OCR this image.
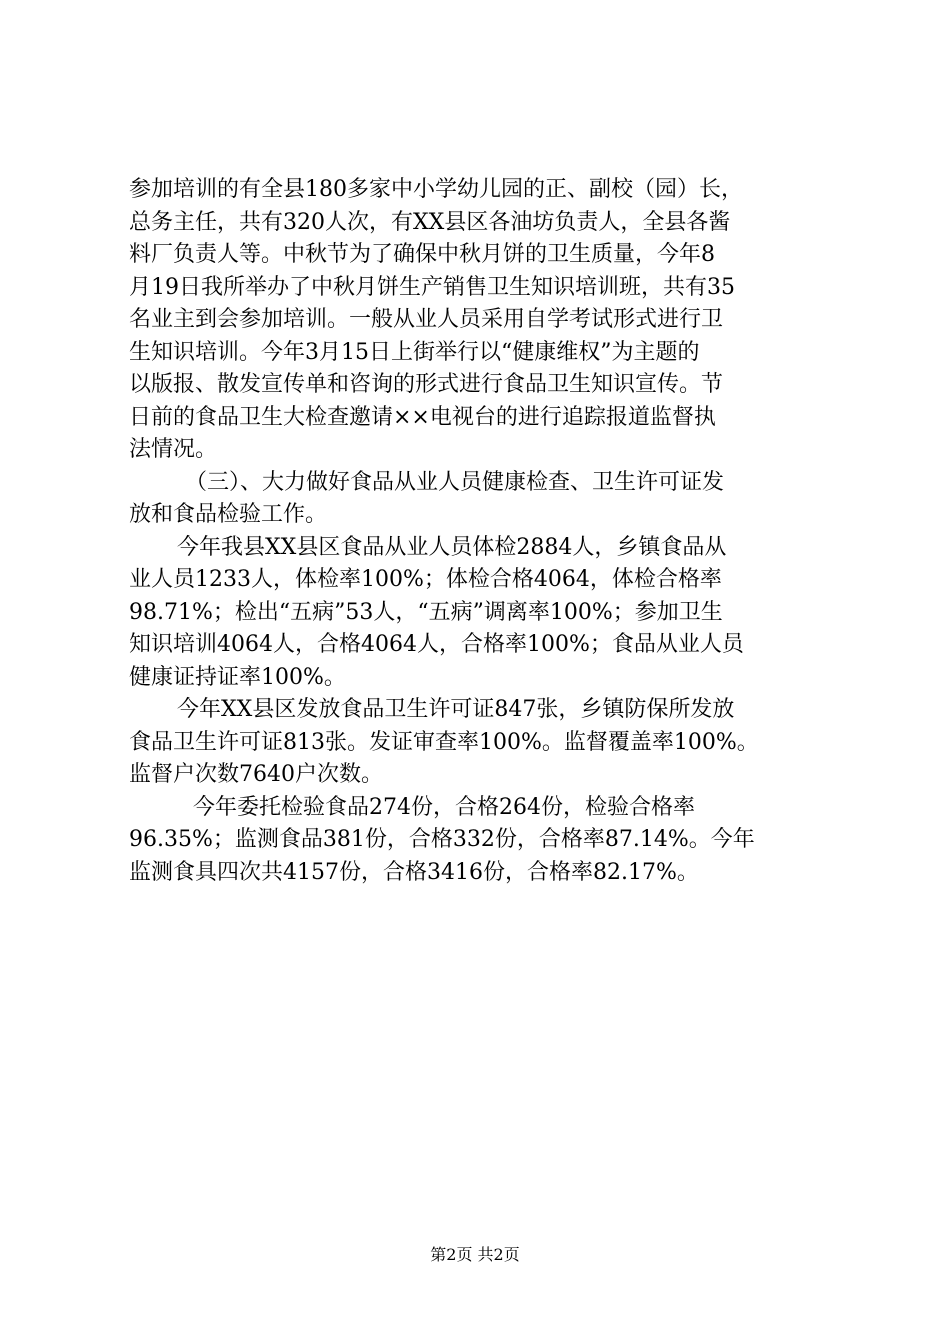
参加培训的有全县180多家中小学幼儿园的正、副校（园）长，
总务主任，共有320人次，有XX县区各油坊负责人，全县各酱
料厂负责人等。中秋节为了确保中秋月饼的卫生质量，今年8
月19日我所举办了中秋月饼生产销售卫生知识培训班，共有35
名业主到会参加培训。一般从业人员采用自学考试形式进行卫
生知识培训。今年3月15日上街举行以“健康维权”为主题的
以版报、散发宣传单和咨询的形式进行食品卫生知识宣传。节
日前的食品卫生大检查邀请××电视台的进行追踪报道监督执
法情况。
（三）、大力做好食品从业人员健康检查、卫生许可证发
放和食品检验工作。
今年我县XX县区食品从业人员体检2884人，乡镇食品从
业人员1233人，体检率100%；体检合格4064，体检合格率
98.71%；检出“五病”53人，“五病”调离率100%；参加卫生
知识培训4064人，合格4064人，合格率100%；食品从业人员
健康证持证率100%。
今年XX县区发放食品卫生许可证847张，乡镇防保所发放
食品卫生许可证813张。发证审查率100%。监督覆盖率100%。
监督户次数7640户次数。
今年委托检验食品274份，合格264份，检验合格率
96.35%；监测食品381份，合格332份，合格率87.14%。今年
监测食具四次共4157份，合格3416份，合格率82.17%。
第2页 共2页
